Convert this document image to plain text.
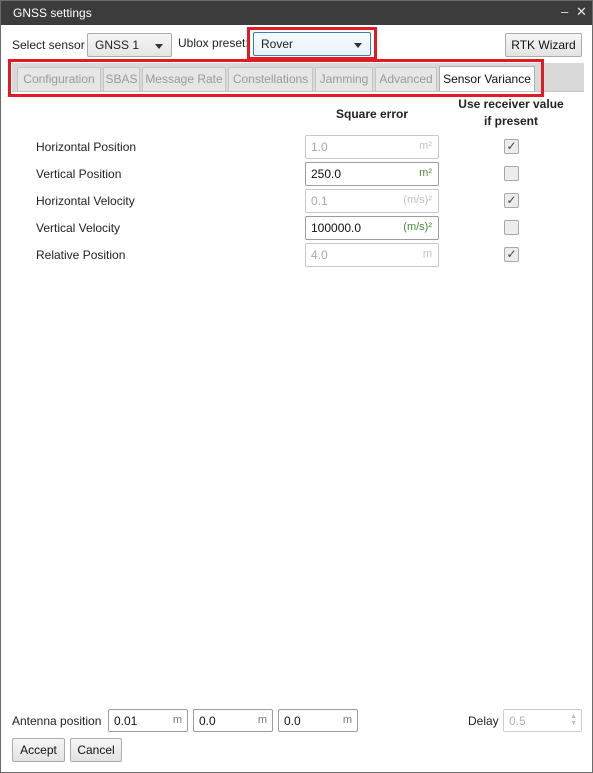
GNSS settings	– ✕
Select sensor GNSS 1	Ublox preset:	Rover	RTK Wizard
Configuration SBAS Message Rate Constellations Jamming Advanced Sensor Variance
Square error
Use receiver value
if present
Horizontal Position	1.0	m²	✓
Vertical Position	250.0	m²
Horizontal Velocity	0.1	(m/s)²	✓
Vertical Velocity	100000.0	(m/s)²
Relative Position	4.0	m	✓
Antenna position	0.01	m	0.0	m	0.0	m	Delay 0.5	▲
▼
Accept	Cancel
